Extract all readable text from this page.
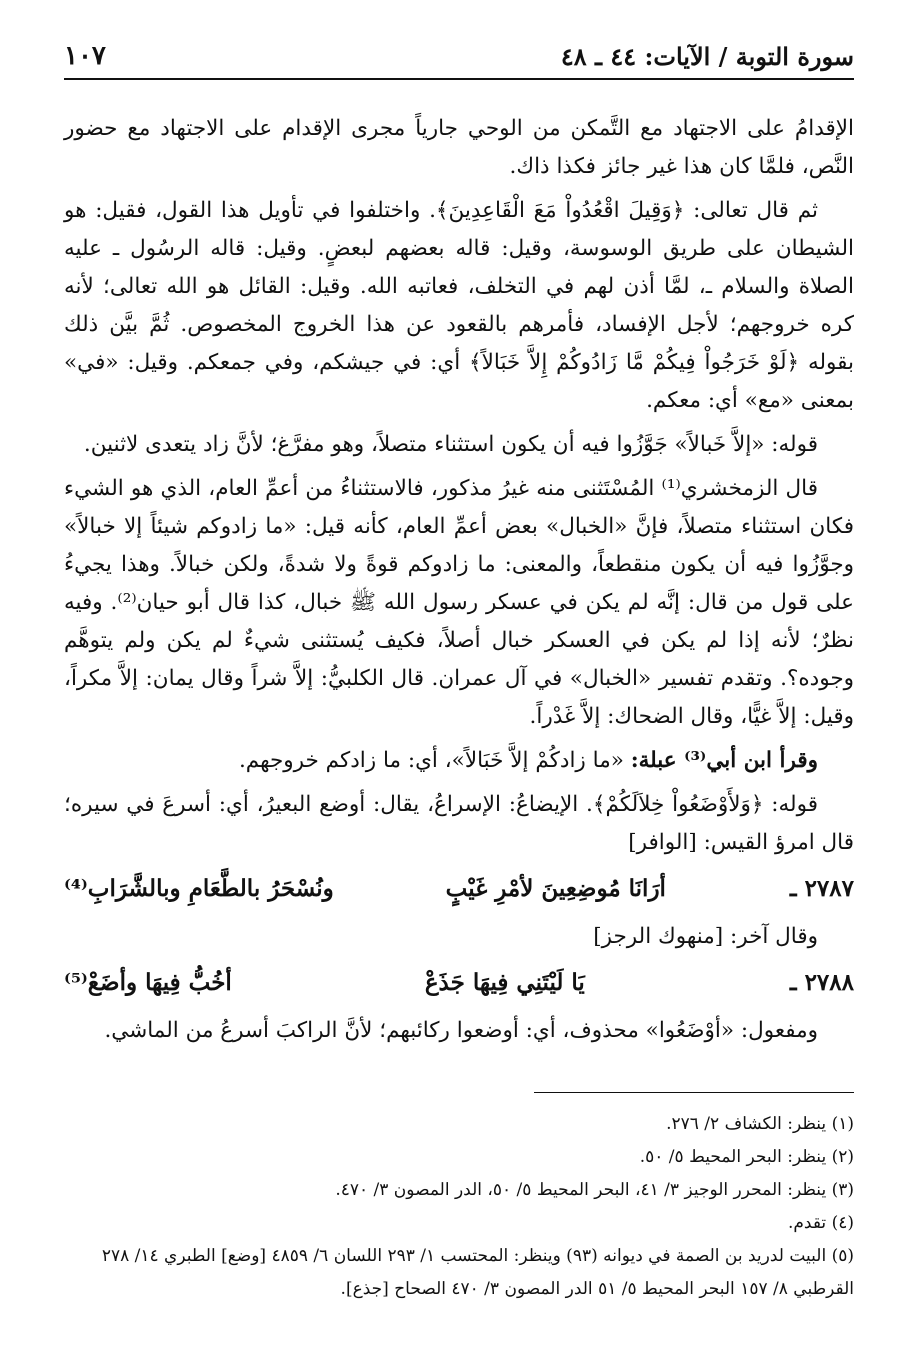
سورة التوبة / الآيات: ٤٤ ـ ٤٨
١٠٧

الإقدامُ على الاجتهاد مع التَّمكن من الوحي جارياً مجرى الإقدام على الاجتهاد مع حضور النَّص، فلمَّا كان هذا غير جائز فكذا ذاك.

ثم قال تعالى: ﴿وَقِيلَ اقْعُدُواْ مَعَ الْقَاعِدِينَ﴾. واختلفوا في تأويل هذا القول، فقيل: هو الشيطان على طريق الوسوسة، وقيل: قاله بعضهم لبعضٍ. وقيل: قاله الرسُول ـ عليه الصلاة والسلام ـ، لمَّا أذن لهم في التخلف، فعاتبه الله. وقيل: القائل هو الله تعالى؛ لأنه كره خروجهم؛ لأجل الإفساد، فأمرهم بالقعود عن هذا الخروج المخصوص. ثُمَّ بيَّن ذلك بقوله ﴿لَوْ خَرَجُواْ فِيكُمْ مَّا زَادُوكُمْ إِلاَّ خَبَالاً﴾ أي: في جيشكم، وفي جمعكم. وقيل: «في» بمعنى «مع» أي: معكم.

قوله: «إلاَّ خَبالاً» جَوَّزُوا فيه أن يكون استثناء متصلاً، وهو مفرَّغ؛ لأنَّ زاد يتعدى لاثنين.

قال الزمخشري⁽¹⁾ المُسْتَثنى منه غيرُ مذكور، فالاستثناءُ من أعمِّ العام، الذي هو الشيء فكان استثناء متصلاً، فإنَّ «الخبال» بعض أعمِّ العام، كأنه قيل: «ما زادوكم شيئاً إلا خبالاً» وجوَّزُوا فيه أن يكون منقطعاً، والمعنى: ما زادوكم قوةً ولا شدةً، ولكن خبالاً. وهذا يجيءُ على قول من قال: إنَّه لم يكن في عسكر رسول الله ﷺ خبال، كذا قال أبو حيان⁽²⁾. وفيه نظرٌ؛ لأنه إذا لم يكن في العسكر خبال أصلاً، فكيف يُستثنى شيءٌ لم يكن ولم يتوهَّم وجوده؟. وتقدم تفسير «الخبال» في آل عمران. قال الكلبيُّ: إلاَّ شراً وقال يمان: إلاَّ مكراً، وقيل: إلاَّ غيًّا، وقال الضحاك: إلاَّ غَدْراً.

وقرأ ابن أبي⁽³⁾ عبلة: «ما زادكُمْ إلاَّ خَبَالاً»، أي: ما زادكم خروجهم.

قوله: ﴿وَلأَوْضَعُواْ خِلاَلَكُمْ﴾. الإيضاعُ: الإسراعُ، يقال: أوضع البعيرُ، أي: أسرعَ في سيره؛ قال امرؤ القيس: [الوافر]

٢٧٨٧ ـ
أرَانَا مُوضِعِينَ لأمْرِ غَيْبٍ
ونُسْحَرُ بالطَّعَامِ وبالشَّرَابِ⁽⁴⁾

وقال آخر: [منهوك الرجز]

٢٧٨٨ ـ
يَا لَيْتَنِي فِيهَا جَذَعْ
أخُبُّ فِيهَا وأضَعْ⁽⁵⁾

ومفعول: «أوْضَعُوا» محذوف، أي: أوضعوا ركائبهم؛ لأنَّ الراكبَ أسرعُ من الماشي.

(١) ينظر: الكشاف ٢/ ٢٧٦.

(٢) ينظر: البحر المحيط ٥/ ٥٠.

(٣) ينظر: المحرر الوجيز ٣/ ٤١، البحر المحيط ٥/ ٥٠، الدر المصون ٣/ ٤٧٠.

(٤) تقدم.

(٥) البيت لدريد بن الصمة في ديوانه (٩٣) وينظر: المحتسب ١/ ٢٩٣ اللسان ٦/ ٤٨٥٩ [وضع] الطبري ١٤/ ٢٧٨ القرطبي ٨/ ١٥٧ البحر المحيط ٥/ ٥١ الدر المصون ٣/ ٤٧٠ الصحاح [جذع].
